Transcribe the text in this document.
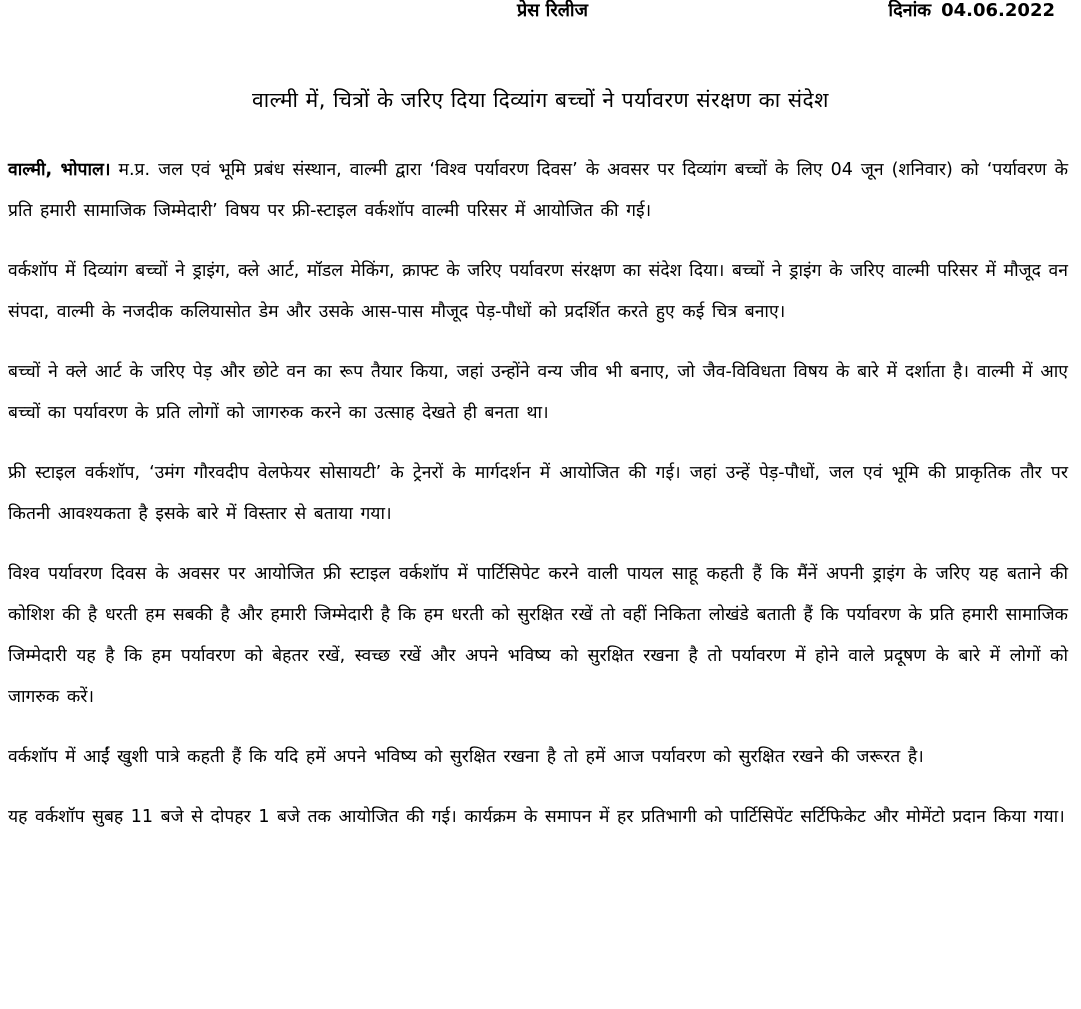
प्रेस रिलीज	दिनांक 04.06.2022
वाल्मी में, चित्रों के जरिए दिया दिव्यांग बच्चों ने पर्यावरण संरक्षण का संदेश

वाल्मी, भोपाल। म.प्र. जल एवं भूमि प्रबंध संस्थान, वाल्मी द्वारा ‘विश्व पर्यावरण दिवस’ के अवसर पर दिव्यांग बच्चों के लिए 04 जून (शनिवार) को ‘पर्यावरण के प्रति हमारी सामाजिक जिम्मेदारी’ विषय पर फ्री-स्टाइल वर्कशॉप वाल्मी परिसर में आयोजित की गई।

वर्कशॉप में दिव्यांग बच्चों ने ड्राइंग, क्ले आर्ट, मॉडल मेकिंग, क्राफ्ट के जरिए पर्यावरण संरक्षण का संदेश दिया। बच्चों ने ड्राइंग के जरिए वाल्मी परिसर में मौजूद वन संपदा, वाल्मी के नजदीक कलियासोत डेम और उसके आस-पास मौजूद पेड़-पौधों को प्रदर्शित करते हुए कई चित्र बनाए।

बच्चों ने क्ले आर्ट के जरिए पेड़ और छोटे वन का रूप तैयार किया, जहां उन्होंने वन्य जीव भी बनाए, जो जैव-विविधता विषय के बारे में दर्शाता है। वाल्मी में आए बच्चों का पर्यावरण के प्रति लोगों को जागरुक करने का उत्साह देखते ही बनता था।

फ्री स्टाइल वर्कशॉप, ‘उमंग गौरवदीप वेलफेयर सोसायटी’ के ट्रेनरों के मार्गदर्शन में आयोजित की गई। जहां उन्हें पेड़-पौधों, जल एवं भूमि की प्राकृतिक तौर पर कितनी आवश्यकता है इसके बारे में विस्तार से बताया गया।

विश्व पर्यावरण दिवस के अवसर पर आयोजित फ्री स्टाइल वर्कशॉप में पार्टिसिपेट करने वाली पायल साहू कहती हैं कि मैंनें अपनी ड्राइंग के जरिए यह बताने की कोशिश की है धरती हम सबकी है और हमारी जिम्मेदारी है कि हम धरती को सुरक्षित रखें तो वहीं निकिता लोखंडे बताती हैं कि पर्यावरण के प्रति हमारी सामाजिक जिम्मेदारी यह है कि हम पर्यावरण को बेहतर रखें, स्वच्छ रखें और अपने भविष्य को सुरक्षित रखना है तो पर्यावरण में होने वाले प्रदूषण के बारे में लोगों को जागरुक करें।

वर्कशॉप में आईं खुशी पात्रे कहती हैं कि यदि हमें अपने भविष्य को सुरक्षित रखना है तो हमें आज पर्यावरण को सुरक्षित रखने की जरूरत है।

यह वर्कशॉप सुबह 11 बजे से दोपहर 1 बजे तक आयोजित की गई। कार्यक्रम के समापन में हर प्रतिभागी को पार्टिसिपेंट सर्टिफिकेट और मोमेंटो प्रदान किया गया।
